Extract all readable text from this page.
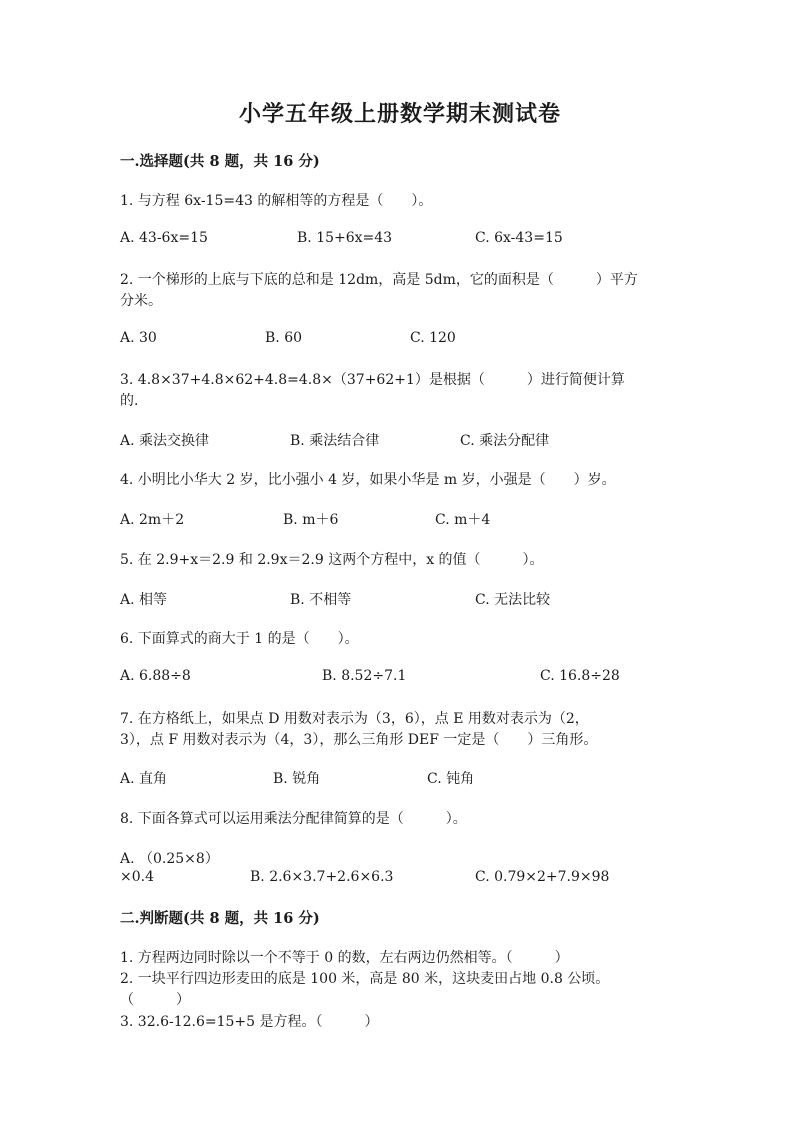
小学五年级上册数学期末测试卷
一.选择题(共 8 题，共 16 分)
1. 与方程 6x-15=43 的解相等的方程是（　　）。
A. 43-6x=15	B. 15+6x=43	C. 6x-43=15
2. 一个梯形的上底与下底的总和是 12dm，高是 5dm，它的面积是（　　　）平方
分米。
A. 30	B. 60	C. 120
3. 4.8×37+4.8×62+4.8=4.8×（37+62+1）是根据（　　　）进行简便计算
的.
A. 乘法交换律	B. 乘法结合律	C. 乘法分配律
4. 小明比小华大 2 岁，比小强小 4 岁，如果小华是 m 岁，小强是（　　）岁。
A. 2m＋2	B. m＋6	C. m＋4
5. 在 2.9+x＝2.9 和 2.9x＝2.9 这两个方程中，x 的值（　　　）。
A. 相等	B. 不相等	C. 无法比较
6. 下面算式的商大于 1 的是（　　）。
A. 6.88÷8	B. 8.52÷7.1	C. 16.8÷28
7. 在方格纸上，如果点 D 用数对表示为（3，6），点 E 用数对表示为（2，
3），点 F 用数对表示为（4，3），那么三角形 DEF 一定是（　　）三角形。
A. 直角	B. 锐角	C. 钝角
8. 下面各算式可以运用乘法分配律简算的是（　　　）。
A. （0.25×8）
×0.4	B. 2.6×3.7+2.6×6.3	C. 0.79×2+7.9×98
二.判断题(共 8 题，共 16 分)
1. 方程两边同时除以一个不等于 0 的数，左右两边仍然相等。（　　　）
2. 一块平行四边形麦田的底是 100 米，高是 80 米，这块麦田占地 0.8 公顷。
（　　　）
3. 32.6-12.6=15+5 是方程。（　　　）
